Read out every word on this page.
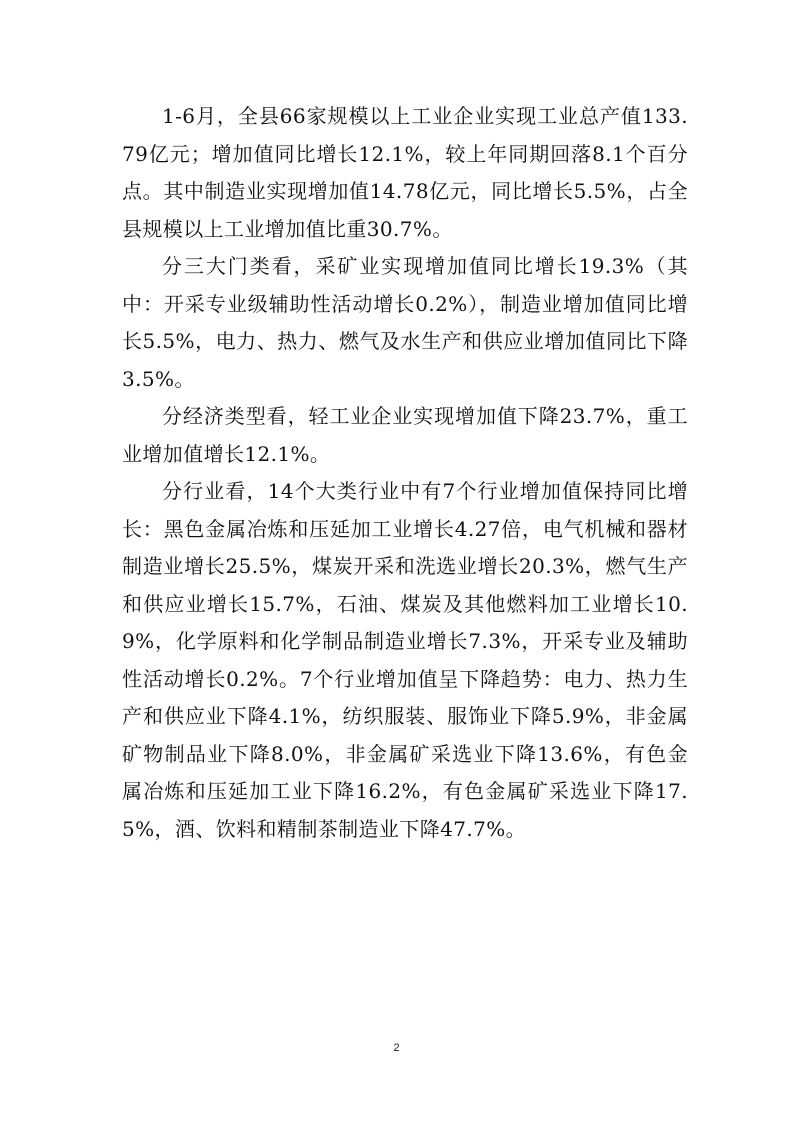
1-6月，全县66家规模以上工业企业实现工业总产值133.79亿元；增加值同比增长12.1%，较上年同期回落8.1个百分点。其中制造业实现增加值14.78亿元，同比增长5.5%，占全县规模以上工业增加值比重30.7%。

分三大门类看，采矿业实现增加值同比增长19.3%（其中：开采专业级辅助性活动增长0.2%），制造业增加值同比增长5.5%，电力、热力、燃气及水生产和供应业增加值同比下降3.5%。

分经济类型看，轻工业企业实现增加值下降23.7%，重工业增加值增长12.1%。

分行业看，14个大类行业中有7个行业增加值保持同比增长：黑色金属冶炼和压延加工业增长4.27倍，电气机械和器材制造业增长25.5%，煤炭开采和洗选业增长20.3%，燃气生产和供应业增长15.7%，石油、煤炭及其他燃料加工业增长10.9%，化学原料和化学制品制造业增长7.3%，开采专业及辅助性活动增长0.2%。7个行业增加值呈下降趋势：电力、热力生产和供应业下降4.1%，纺织服装、服饰业下降5.9%，非金属矿物制品业下降8.0%，非金属矿采选业下降13.6%，有色金属冶炼和压延加工业下降16.2%，有色金属矿采选业下降17.5%，酒、饮料和精制茶制造业下降47.7%。

2
